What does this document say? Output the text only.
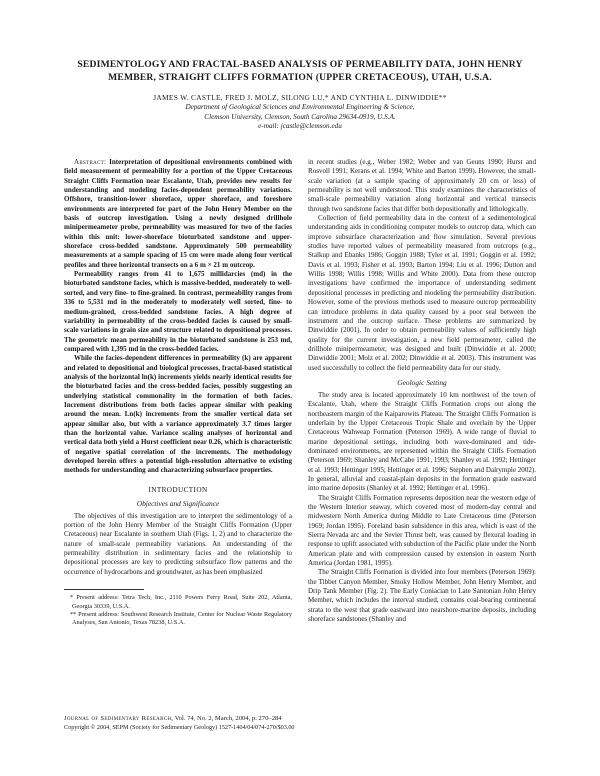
SEDIMENTOLOGY AND FRACTAL-BASED ANALYSIS OF PERMEABILITY DATA, JOHN HENRY MEMBER, STRAIGHT CLIFFS FORMATION (UPPER CRETACEOUS), UTAH, U.S.A.
JAMES W. CASTLE, FRED J. MOLZ, SILONG LU,* AND CYNTHIA L. DINWIDDIE**
Department of Geological Sciences and Environmental Engineering & Science,
Clemson University, Clemson, South Carolina 29634-0919, U.S.A.
e-mail: jcastle@clemson.edu

Abstract: Interpretation of depositional environments combined with field measurement of permeability for a portion of the Upper Cretaceous Straight Cliffs Formation near Escalante, Utah, provides new results for understanding and modeling facies-dependent permeability variations. Offshore, transition-lower shoreface, upper shoreface, and foreshore environments are interpreted for part of the John Henry Member on the basis of outcrop investigation. Using a newly designed drillhole minipermeameter probe, permeability was measured for two of the facies within this unit: lower-shoreface bioturbated sandstone and upper-shoreface cross-bedded sandstone. Approximately 500 permeability measurements at a sample spacing of 15 cm were made along four vertical profiles and three horizontal transects on a 6 m × 21 m outcrop.

Permeability ranges from 41 to 1,675 millidarcies (md) in the bioturbated sandstone facies, which is massive-bedded, moderately to well-sorted, and very fine- to fine-grained. In contrast, permeability ranges from 336 to 5,531 md in the moderately to moderately well sorted, fine- to medium-grained, cross-bedded sandstone facies. A high degree of variability in permeability of the cross-bedded facies is caused by small-scale variations in grain size and structure related to depositional processes. The geometric mean permeability in the bioturbated sandstone is 253 md, compared with 1,395 md in the cross-bedded facies.

While the facies-dependent differences in permeability (k) are apparent and related to depositional and biological processes, fractal-based statistical analysis of the horizontal ln(k) increments yields nearly identical results for the bioturbated facies and the cross-bedded facies, possibly suggesting an underlying statistical commonality in the formation of both facies. Increment distributions from both facies appear similar with peaking around the mean. Ln(k) increments from the smaller vertical data set appear similar also, but with a variance approximately 3.7 times larger than the horizontal value. Variance scaling analyses of horizontal and vertical data both yield a Hurst coefficient near 0.26, which is characteristic of negative spatial correlation of the increments. The methodology developed herein offers a potential high-resolution alternative to existing methods for understanding and characterizing subsurface properties.

INTRODUCTION
Objectives and Significance

The objectives of this investigation are to interpret the sedimentology of a portion of the John Henry Member of the Straight Cliffs Formation (Upper Cretaceous) near Escalante in southern Utah (Figs. 1, 2) and to characterize the nature of small-scale permeability variations. An understanding of the permeability distribution in sedimentary facies and the relationship to depositional processes are key to predicting subsurface flow patterns and the occurrence of hydrocarbons and groundwater, as has been emphasized

* Present address: Tetra Tech, Inc., 2110 Powers Ferry Road, Suite 202, Atlanta, Georgia 30339, U.S.A.

** Present address: Southwest Research Institute, Center for Nuclear Waste Regulatory Analyses, San Antonio, Texas 78238, U.S.A.

in recent studies (e.g., Weber 1982; Weber and van Geuns 1990; Hurst and Rosvoll 1991; Kerans et al. 1994; White and Barton 1999). However, the small-scale variation (at a sample spacing of approximately 20 cm or less) of permeability is not well understood. This study examines the characteristics of small-scale permeability variation along horizontal and vertical transects through two sandstone facies that differ both depositionally and lithologically.

Collection of field permeability data in the context of a sedimentological understanding aids in conditioning computer models to outcrop data, which can improve subsurface characterization and flow simulation. Several previous studies have reported values of permeability measured from outcrops (e.g., Stalkup and Ebanks 1986; Goggin 1988; Tyler et al. 1991; Goggin et al. 1992; Davis et al. 1993; Fisher et al. 1993; Barton 1994; Liu et al. 1996; Dutton and Willis 1998; Willis 1998; Willis and White 2000). Data from these outcrop investigations have confirmed the importance of understanding sediment depositional processes in predicting and modeling the permeability distribution. However, some of the previous methods used to measure outcrop permeability can introduce problems in data quality caused by a poor seal between the instrument and the outcrop surface. These problems are summarized by Dinwiddie (2001). In order to obtain permeability values of sufficiently high quality for the current investigation, a new field permeameter, called the drillhole minipermeameter, was designed and built (Dinwiddie et al. 2000; Dinwiddie 2001; Molz et al. 2002; Dinwiddie et al. 2003). This instrument was used successfully to collect the field permeability data for our study.

Geologic Setting

The study area is located approximately 10 km northwest of the town of Escalante, Utah, where the Straight Cliffs Formation crops out along the northeastern margin of the Kaiparowits Plateau. The Straight Cliffs Formation is underlain by the Upper Cretaceous Tropic Shale and overlain by the Upper Cretaceous Wahweap Formation (Peterson 1969). A wide range of fluvial to marine depositional settings, including both wave-dominated and tide-dominated environments, are represented within the Straight Cliffs Formation (Peterson 1969; Shanley and McCabe 1991, 1993; Shanley et al. 1992; Hettinger et al. 1993; Hettinger 1995; Hettinger et al. 1996; Stephen and Dalrymple 2002). In general, alluvial and coastal-plain deposits in the formation grade eastward into marine deposits (Shanley et al. 1992; Hettinger et al. 1996).

The Straight Cliffs Formation represents deposition near the western edge of the Western Interior seaway, which covered most of modern-day central and midwestern North America during Middle to Late Cretaceous time (Peterson 1969; Jordan 1995). Foreland basin subsidence in this area, which is east of the Sierra Nevada arc and the Sevier Thrust belt, was caused by flexural loading in response to uplift associated with subduction of the Pacific plate under the North American plate and with compression caused by extension in eastern North America (Jordan 1981, 1995).

The Straight Cliffs Formation is divided into four members (Peterson 1969): the Tibbet Canyon Member, Smoky Hollow Member, John Henry Member, and Drip Tank Member (Fig. 2). The Early Coniacian to Late Santonian John Henry Member, which includes the interval studied, contains coal-bearing continental strata to the west that grade eastward into nearshore-marine deposits, including shoreface sandstones (Shanley and

Journal of Sedimentary Research, Vol. 74, No. 2, March, 2004, p. 270–284
Copyright © 2004, SEPM (Society for Sedimentary Geology) 1527-1404/04/074-270/$03.00
